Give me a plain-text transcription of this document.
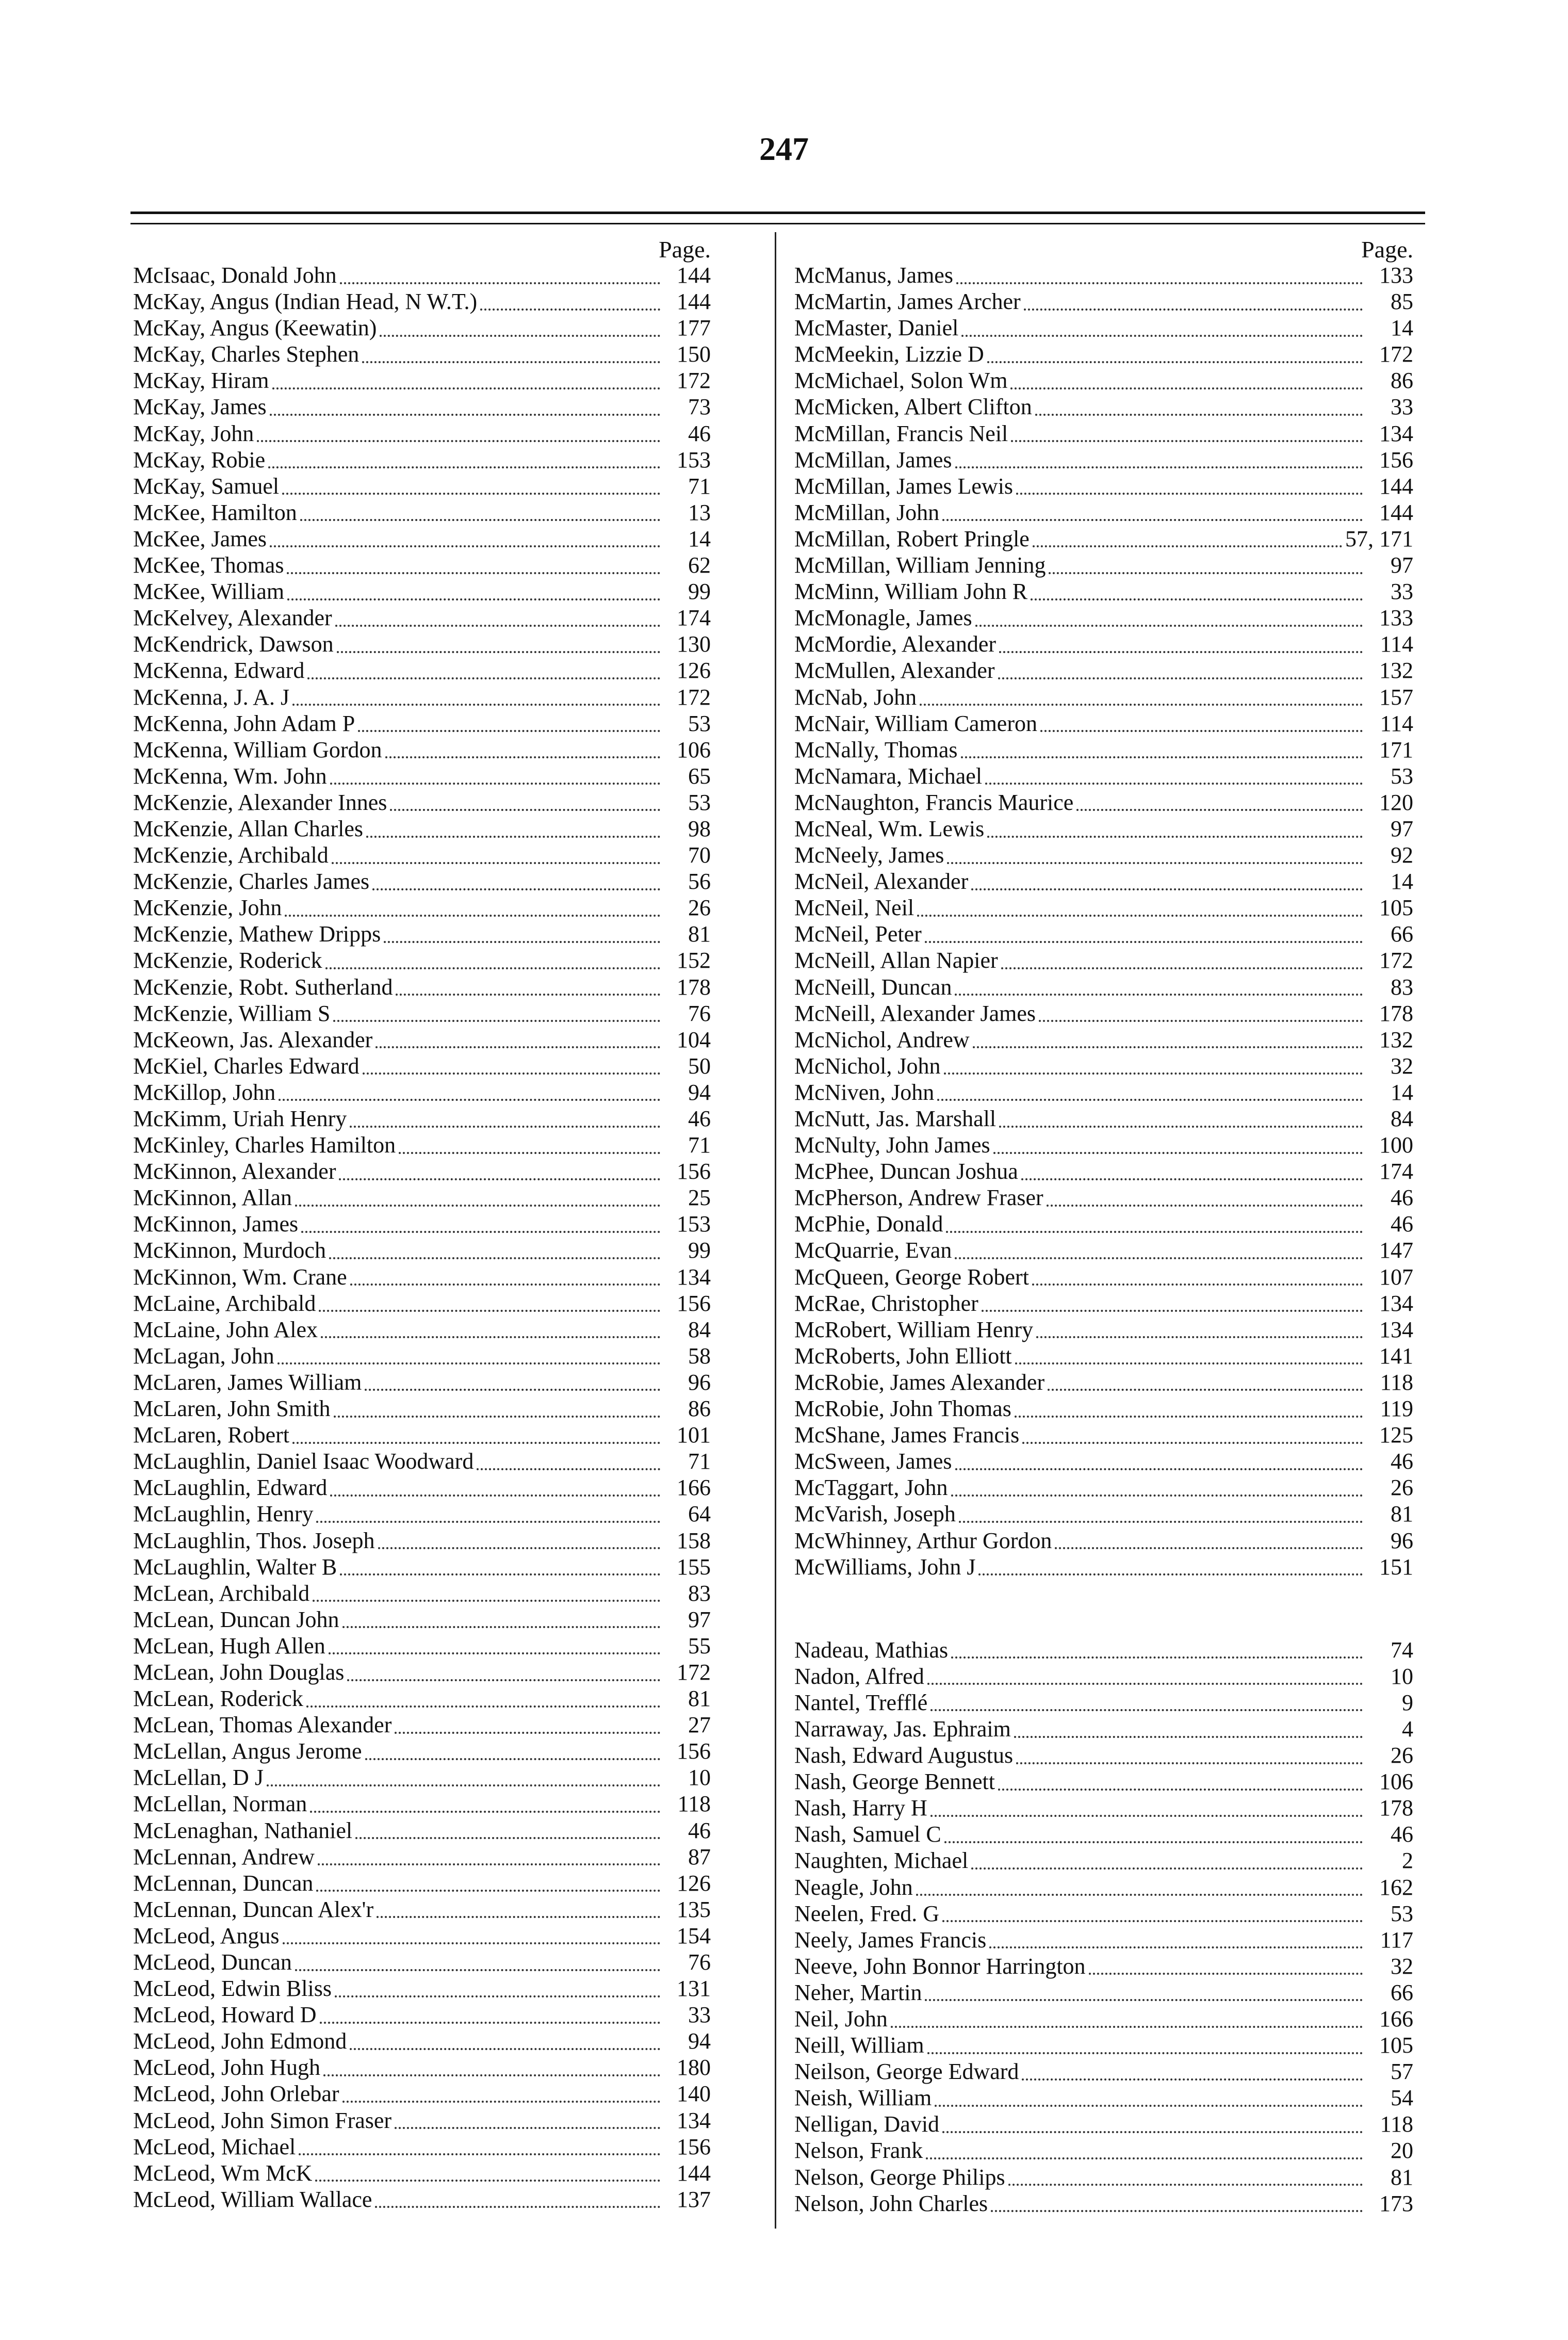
247
Page.
McIsaac, Donald John	144
McKay, Angus (Indian Head, N W.T.)	144
McKay, Angus (Keewatin)	177
McKay, Charles Stephen	150
McKay, Hiram	172
McKay, James	73
McKay, John	46
McKay, Robie	153
McKay, Samuel	71
McKee, Hamilton	13
McKee, James	14
McKee, Thomas	62
McKee, William	99
McKelvey, Alexander	174
McKendrick, Dawson	130
McKenna, Edward	126
McKenna, J. A. J	172
McKenna, John Adam P	53
McKenna, William Gordon	106
McKenna, Wm. John	65
McKenzie, Alexander Innes	53
McKenzie, Allan Charles	98
McKenzie, Archibald	70
McKenzie, Charles James	56
McKenzie, John	26
McKenzie, Mathew Dripps	81
McKenzie, Roderick	152
McKenzie, Robt. Sutherland	178
McKenzie, William S	76
McKeown, Jas. Alexander	104
McKiel, Charles Edward	50
McKillop, John	94
McKimm, Uriah Henry	46
McKinley, Charles Hamilton	71
McKinnon, Alexander	156
McKinnon, Allan	25
McKinnon, James	153
McKinnon, Murdoch	99
McKinnon, Wm. Crane	134
McLaine, Archibald	156
McLaine, John Alex	84
McLagan, John	58
McLaren, James William	96
McLaren, John Smith	86
McLaren, Robert	101
McLaughlin, Daniel Isaac Woodward	71
McLaughlin, Edward	166
McLaughlin, Henry	64
McLaughlin, Thos. Joseph	158
McLaughlin, Walter B	155
McLean, Archibald	83
McLean, Duncan John	97
McLean, Hugh Allen	55
McLean, John Douglas	172
McLean, Roderick	81
McLean, Thomas Alexander	27
McLellan, Angus Jerome	156
McLellan, D J	10
McLellan, Norman	118
McLenaghan, Nathaniel	46
McLennan, Andrew	87
McLennan, Duncan	126
McLennan, Duncan Alex'r	135
McLeod, Angus	154
McLeod, Duncan	76
McLeod, Edwin Bliss	131
McLeod, Howard D	33
McLeod, John Edmond	94
McLeod, John Hugh	180
McLeod, John Orlebar	140
McLeod, John Simon Fraser	134
McLeod, Michael	156
McLeod, Wm McK	144
McLeod, William Wallace	137
Page.
McManus, James	133
McMartin, James Archer	85
McMaster, Daniel	14
McMeekin, Lizzie D	172
McMichael, Solon Wm	86
McMicken, Albert Clifton	33
McMillan, Francis Neil	134
McMillan, James	156
McMillan, James Lewis	144
McMillan, John	144
McMillan, Robert Pringle	57, 171
McMillan, William Jenning	97
McMinn, William John R	33
McMonagle, James	133
McMordie, Alexander	114
McMullen, Alexander	132
McNab, John	157
McNair, William Cameron	114
McNally, Thomas	171
McNamara, Michael	53
McNaughton, Francis Maurice	120
McNeal, Wm. Lewis	97
McNeely, James	92
McNeil, Alexander	14
McNeil, Neil	105
McNeil, Peter	66
McNeill, Allan Napier	172
McNeill, Duncan	83
McNeill, Alexander James	178
McNichol, Andrew	132
McNichol, John	32
McNiven, John	14
McNutt, Jas. Marshall	84
McNulty, John James	100
McPhee, Duncan Joshua	174
McPherson, Andrew Fraser	46
McPhie, Donald	46
McQuarrie, Evan	147
McQueen, George Robert	107
McRae, Christopher	134
McRobert, William Henry	134
McRoberts, John Elliott	141
McRobie, James Alexander	118
McRobie, John Thomas	119
McShane, James Francis	125
McSween, James	46
McTaggart, John	26
McVarish, Joseph	81
McWhinney, Arthur Gordon	96
McWilliams, John J	151
Nadeau, Mathias	74
Nadon, Alfred	10
Nantel, Trefflé	9
Narraway, Jas. Ephraim	4
Nash, Edward Augustus	26
Nash, George Bennett	106
Nash, Harry H	178
Nash, Samuel C	46
Naughten, Michael	2
Neagle, John	162
Neelen, Fred. G	53
Neely, James Francis	117
Neeve, John Bonnor Harrington	32
Neher, Martin	66
Neil, John	166
Neill, William	105
Neilson, George Edward	57
Neish, William	54
Nelligan, David	118
Nelson, Frank	20
Nelson, George Philips	81
Nelson, John Charles	173
